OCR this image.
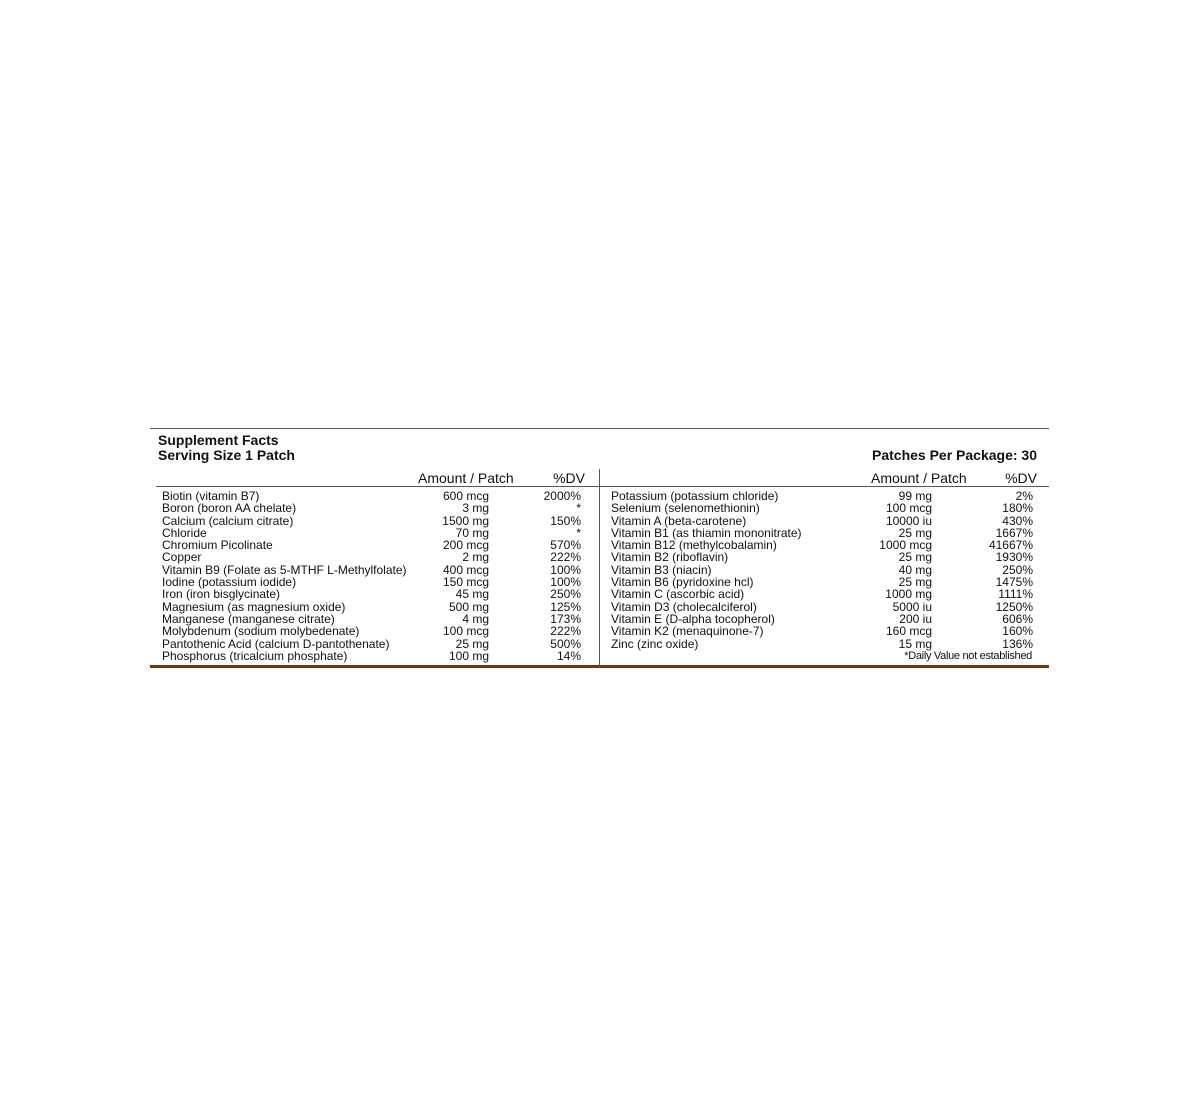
Supplement Facts
Serving Size 1 Patch	Patches Per Package: 30
Amount / Patch	%DV
Biotin (vitamin B7)	600 mcg	2000%
Boron (boron AA chelate)	3 mg	*
Calcium (calcium citrate)	1500 mg	150%
Chloride	70 mg	*
Chromium Picolinate	200 mcg	570%
Copper	2 mg	222%
Vitamin B9 (Folate as 5-MTHF L-Methylfolate)	400 mcg	100%
Iodine (potassium iodide)	150 mcg	100%
Iron (iron bisglycinate)	45 mg	250%
Magnesium (as magnesium oxide)	500 mg	125%
Manganese (manganese citrate)	4 mg	173%
Molybdenum (sodium molybedenate)	100 mcg	222%
Pantothenic Acid (calcium D-pantothenate)	25 mg	500%
Phosphorus (tricalcium phosphate)	100 mg	14%
Amount / Patch	%DV
Potassium (potassium chloride)	99 mg	2%
Selenium (selenomethionin)	100 mcg	180%
Vitamin A (beta-carotene)	10000 iu	430%
Vitamin B1 (as thiamin mononitrate)	25 mg	1667%
Vitamin B12 (methylcobalamin)	1000 mcg	41667%
Vitamin B2 (riboflavin)	25 mg	1930%
Vitamin B3 (niacin)	40 mg	250%
Vitamin B6 (pyridoxine hcl)	25 mg	1475%
Vitamin C (ascorbic acid)	1000 mg	1111%
Vitamin D3 (cholecalciferol)	5000 iu	1250%
Vitamin E (D-alpha tocopherol)	200 iu	606%
Vitamin K2 (menaquinone-7)	160 mcg	160%
Zinc (zinc oxide)	15 mg	136%
*Daily Value not established
